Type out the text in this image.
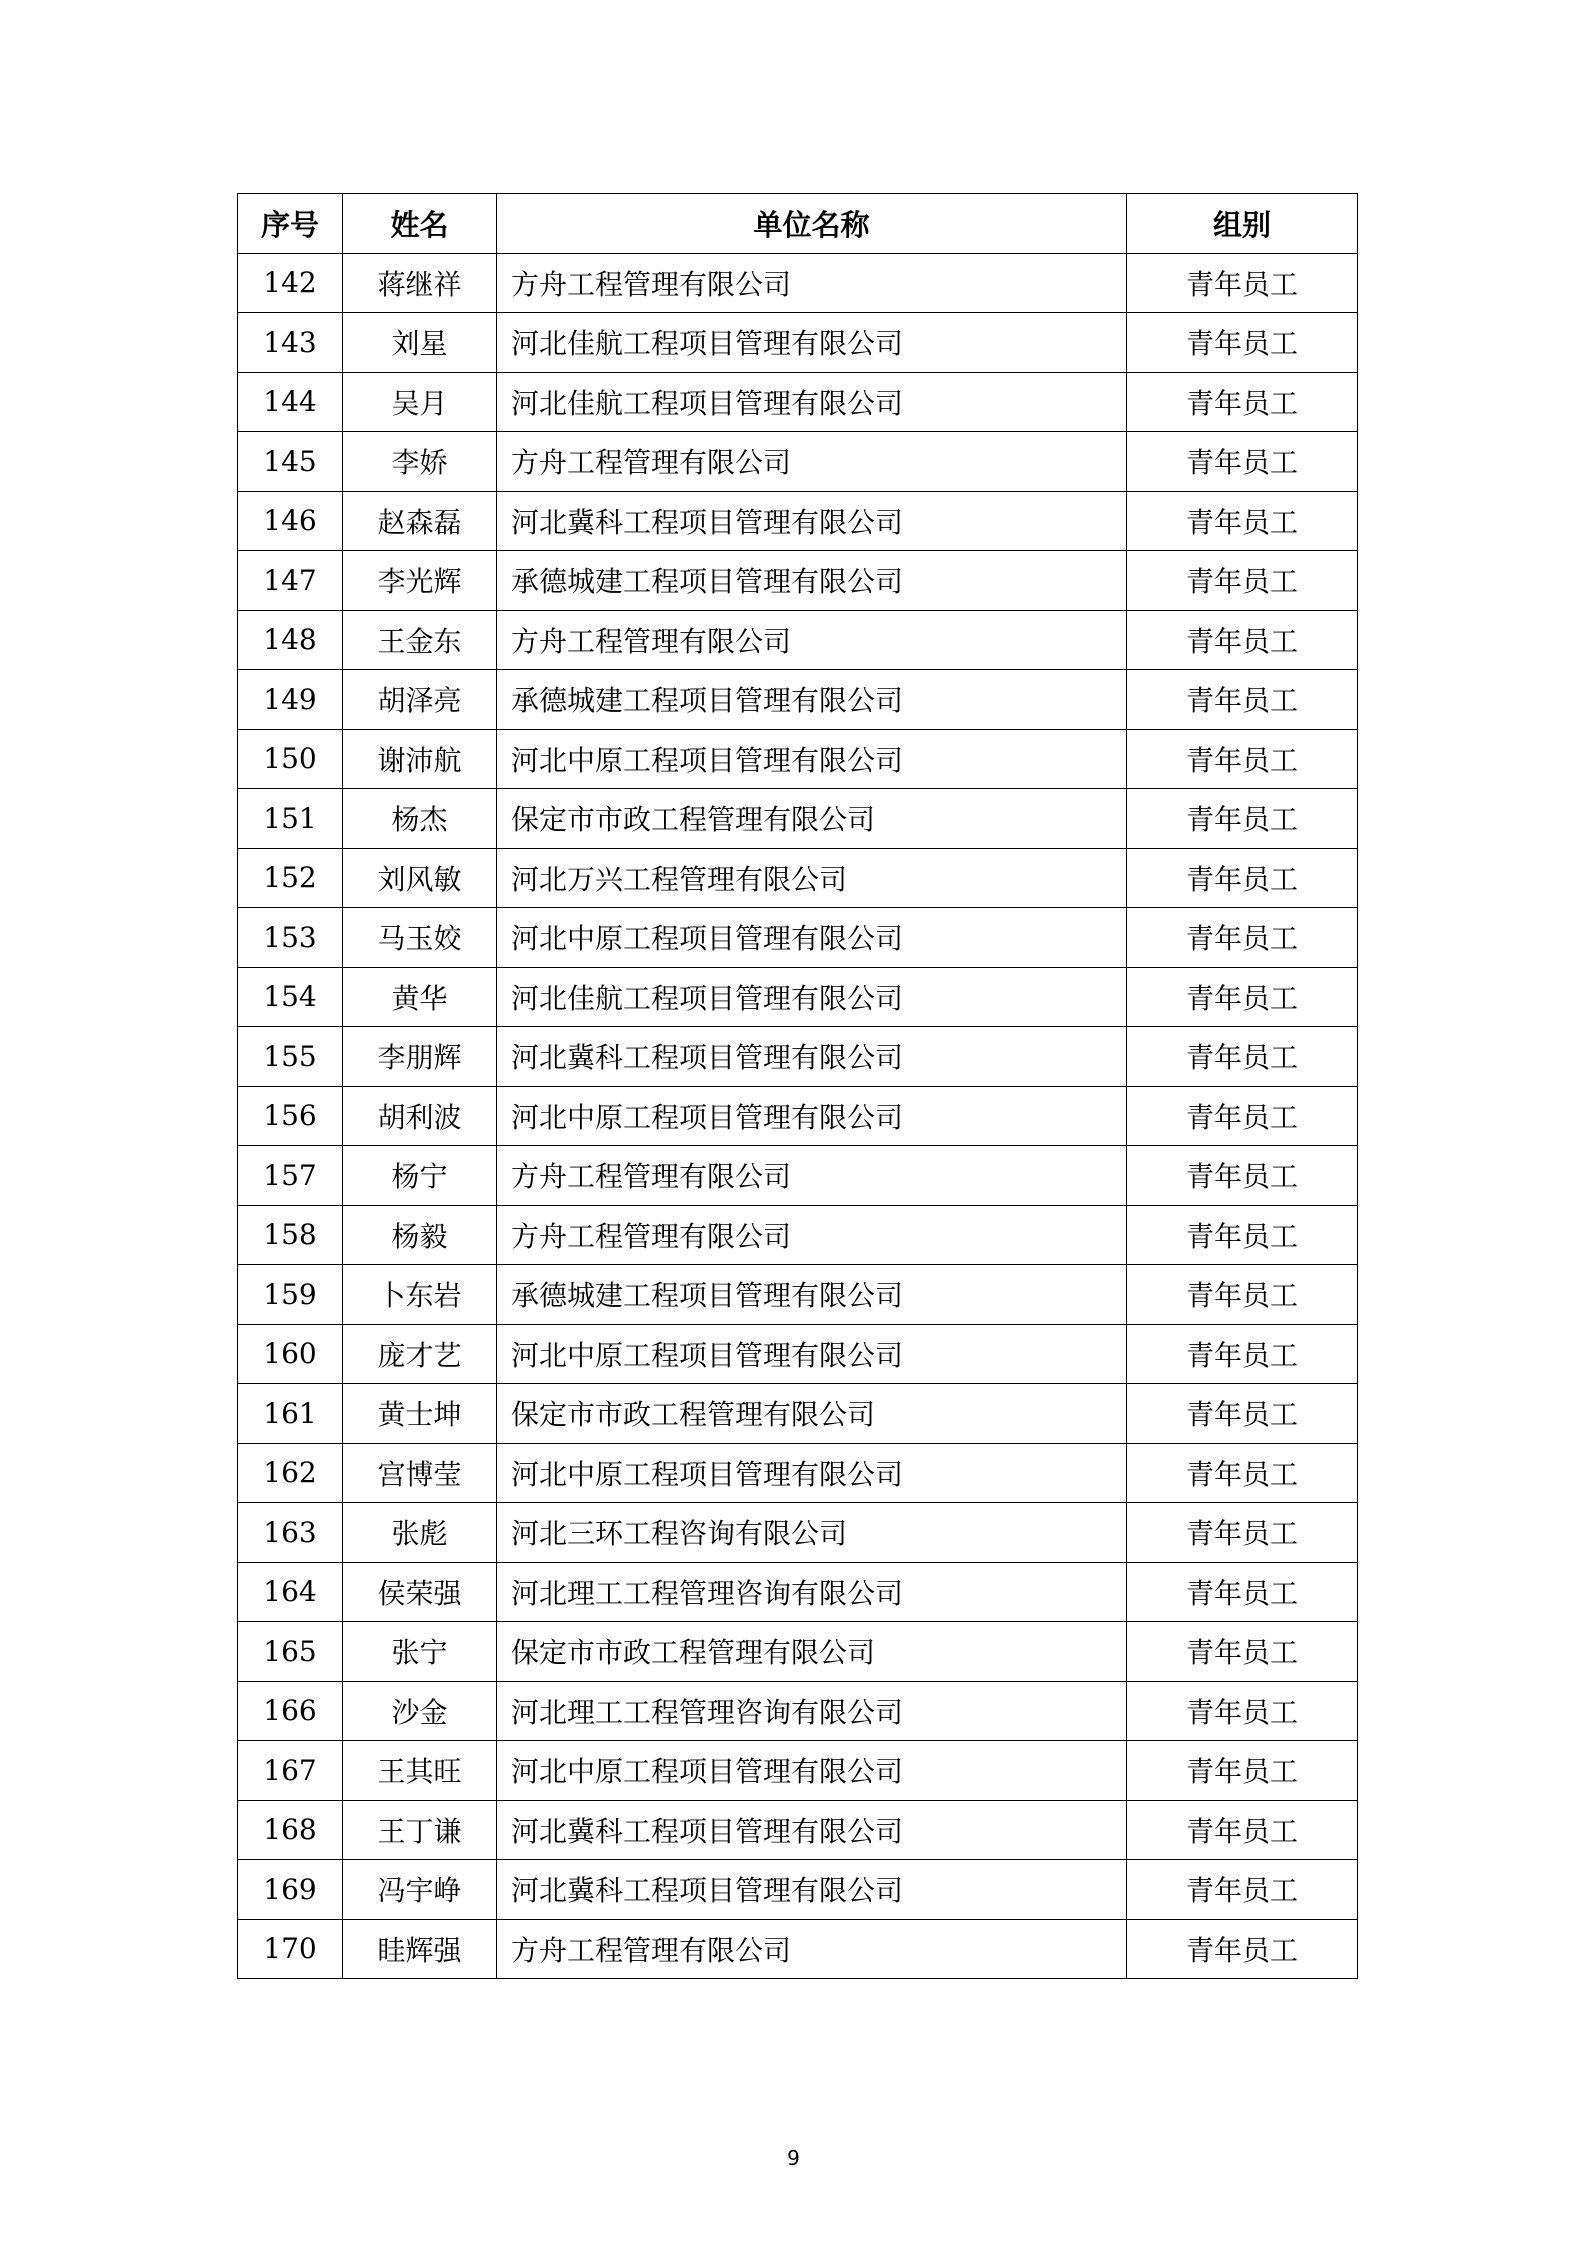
序号	姓名	单位名称	组别
142	蒋继祥	方舟工程管理有限公司	青年员工
143	刘星	河北佳航工程项目管理有限公司	青年员工
144	吴月	河北佳航工程项目管理有限公司	青年员工
145	李娇	方舟工程管理有限公司	青年员工
146	赵森磊	河北冀科工程项目管理有限公司	青年员工
147	李光辉	承德城建工程项目管理有限公司	青年员工
148	王金东	方舟工程管理有限公司	青年员工
149	胡泽亮	承德城建工程项目管理有限公司	青年员工
150	谢沛航	河北中原工程项目管理有限公司	青年员工
151	杨杰	保定市市政工程管理有限公司	青年员工
152	刘风敏	河北万兴工程管理有限公司	青年员工
153	马玉姣	河北中原工程项目管理有限公司	青年员工
154	黄华	河北佳航工程项目管理有限公司	青年员工
155	李朋辉	河北冀科工程项目管理有限公司	青年员工
156	胡利波	河北中原工程项目管理有限公司	青年员工
157	杨宁	方舟工程管理有限公司	青年员工
158	杨毅	方舟工程管理有限公司	青年员工
159	卜东岩	承德城建工程项目管理有限公司	青年员工
160	庞才艺	河北中原工程项目管理有限公司	青年员工
161	黄士坤	保定市市政工程管理有限公司	青年员工
162	宫博莹	河北中原工程项目管理有限公司	青年员工
163	张彪	河北三环工程咨询有限公司	青年员工
164	侯荣强	河北理工工程管理咨询有限公司	青年员工
165	张宁	保定市市政工程管理有限公司	青年员工
166	沙金	河北理工工程管理咨询有限公司	青年员工
167	王其旺	河北中原工程项目管理有限公司	青年员工
168	王丁谦	河北冀科工程项目管理有限公司	青年员工
169	冯宇峥	河北冀科工程项目管理有限公司	青年员工
170	眭辉强	方舟工程管理有限公司	青年员工
9
